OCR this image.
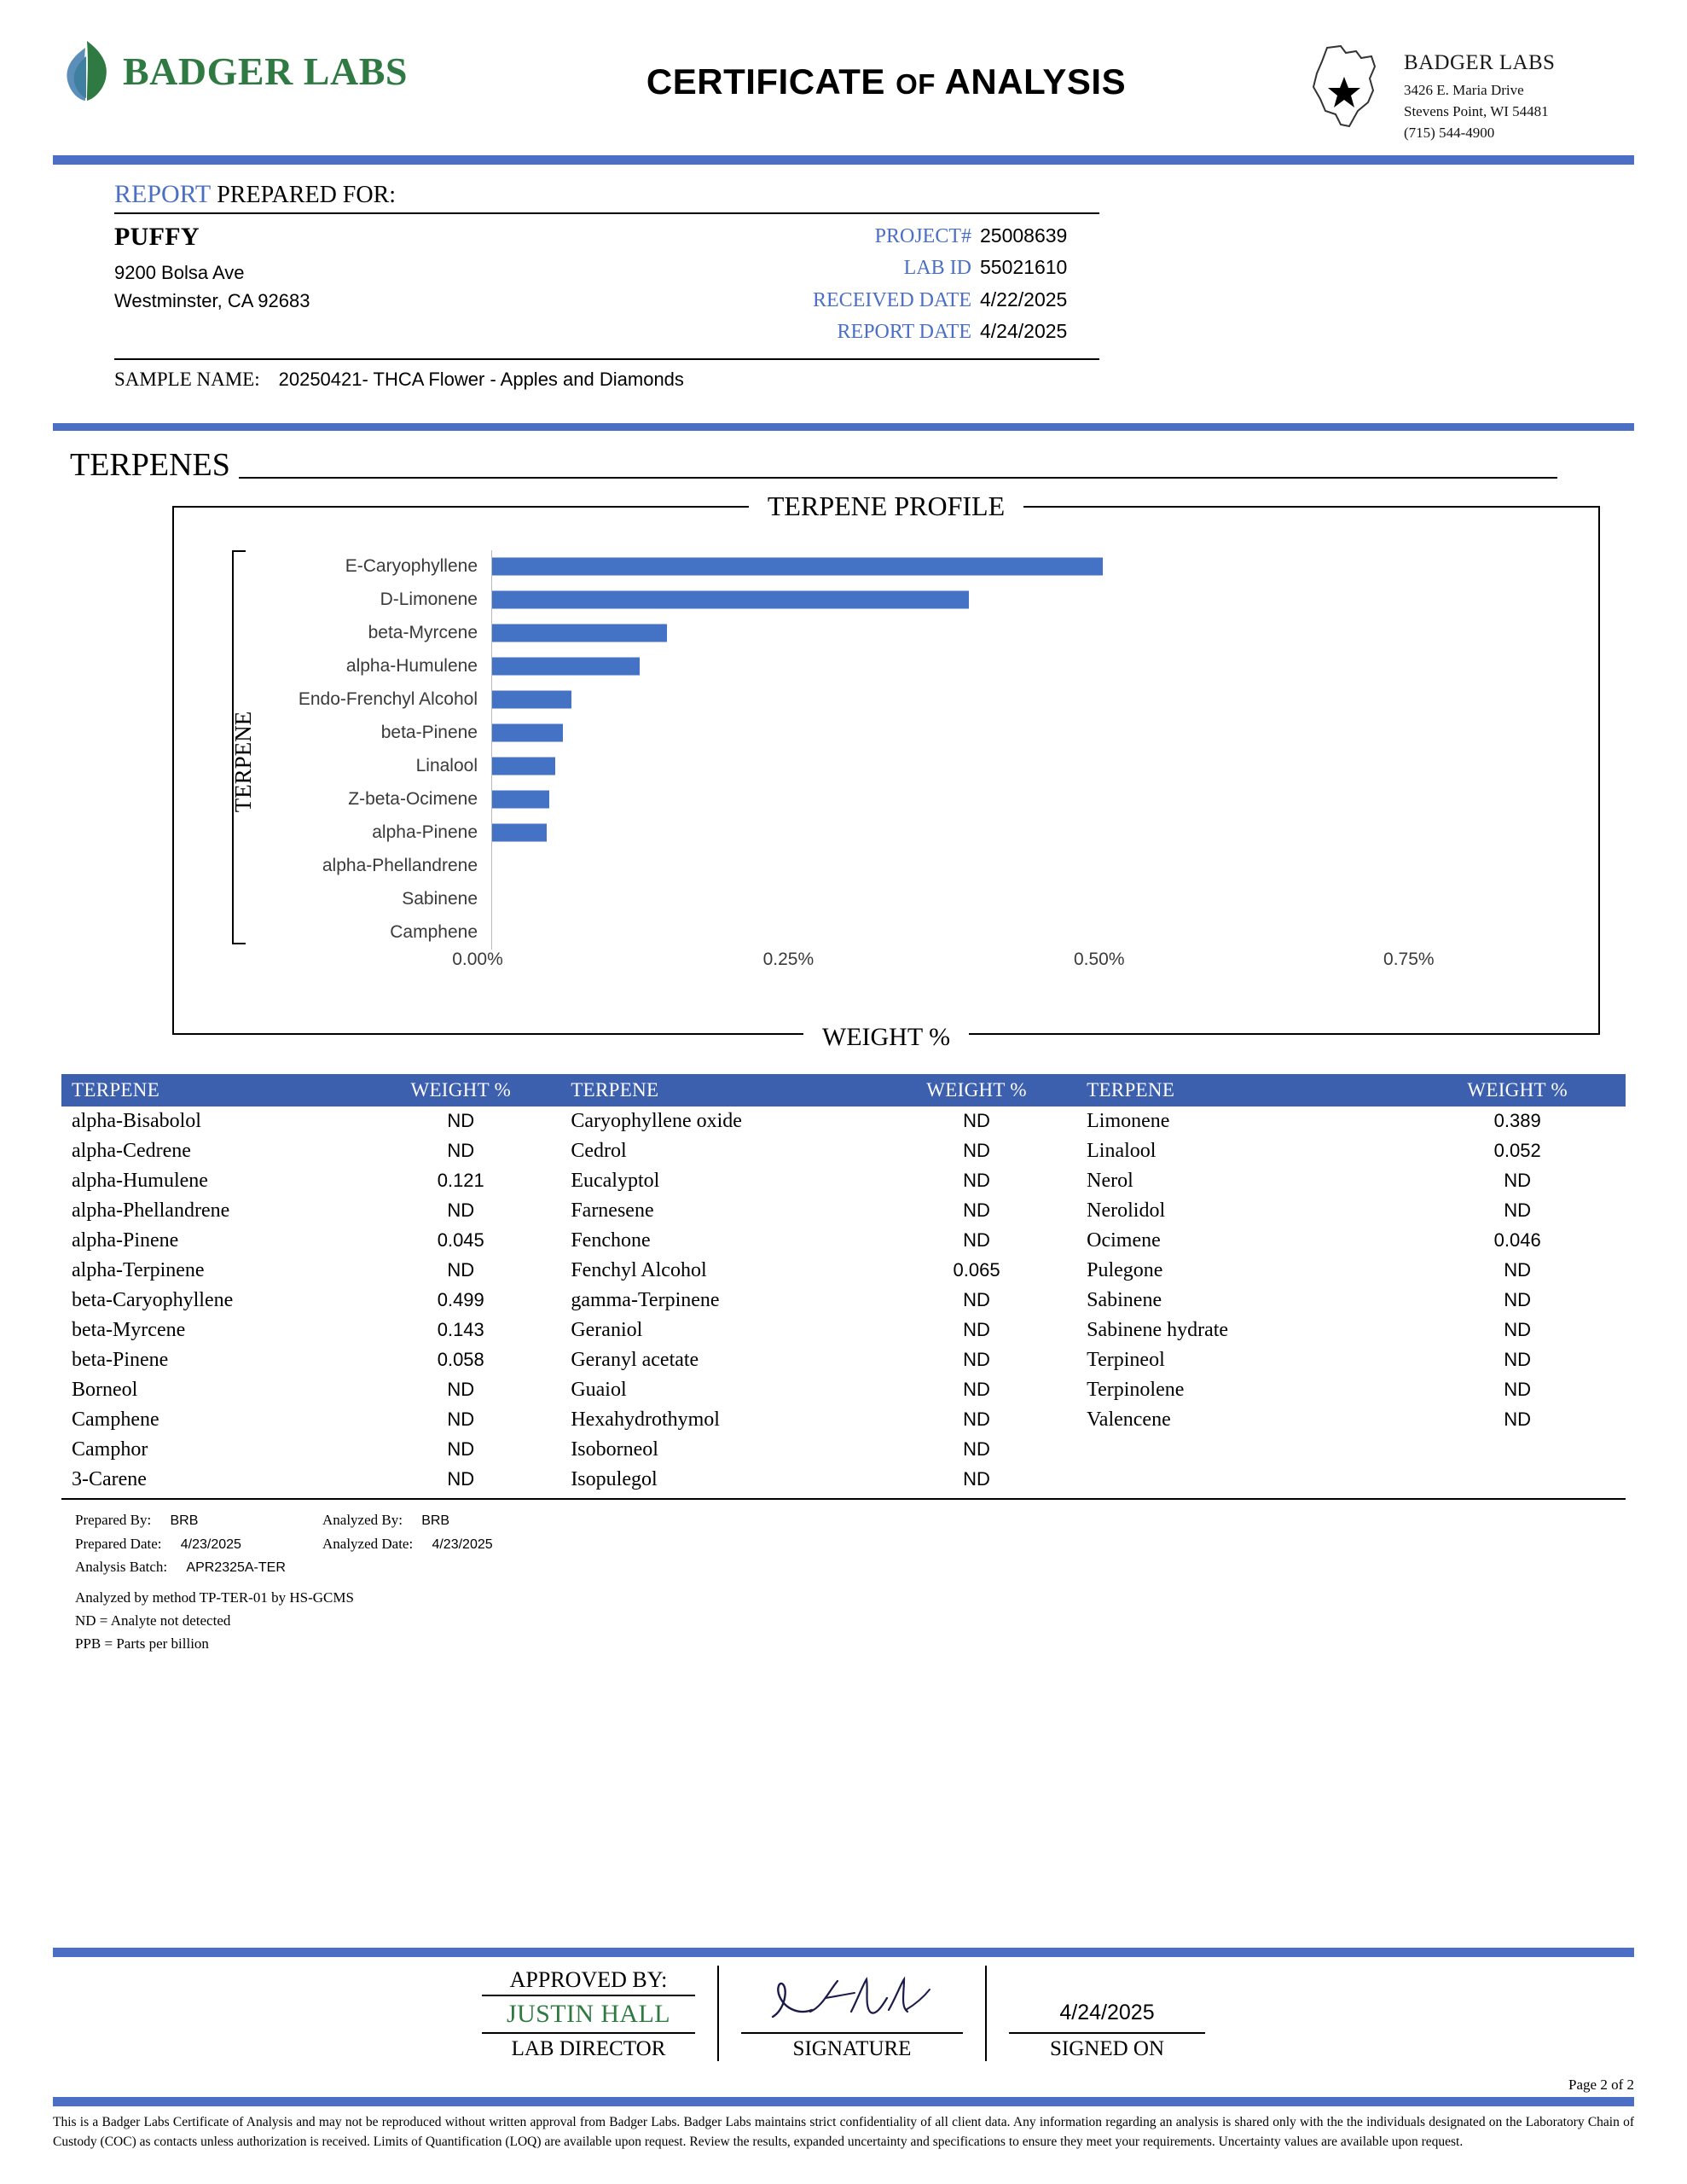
BADGER LABS	CERTIFICATE OF ANALYSIS	BADGER LABS
3426 E. Maria Drive
Stevens Point, WI 54481
(715) 544-4900
REPORT PREPARED FOR:
PUFFY
9200 Bolsa Ave
Westminster, CA 92683
PROJECT# 25008639
LAB ID 55021610
RECEIVED DATE 4/22/2025
REPORT DATE 4/24/2025
SAMPLE NAME: 20250421- THCA Flower - Apples and Diamonds
TERPENES
TERPENE PROFILE
TERPENE
E-Caryophyllene
D-Limonene
beta-Myrcene
alpha-Humulene
Endo-Frenchyl Alcohol
beta-Pinene
Linalool
Z-beta-Ocimene
alpha-Pinene
alpha-Phellandrene
Sabinene
Camphene
0.00%	0.25%	0.50%	0.75%
WEIGHT %
TERPENE	WEIGHT %	TERPENE	WEIGHT %	TERPENE	WEIGHT %
alpha-Bisabolol	ND	Caryophyllene oxide	ND	Limonene	0.389
alpha-Cedrene	ND	Cedrol	ND	Linalool	0.052
alpha-Humulene	0.121	Eucalyptol	ND	Nerol	ND
alpha-Phellandrene	ND	Farnesene	ND	Nerolidol	ND
alpha-Pinene	0.045	Fenchone	ND	Ocimene	0.046
alpha-Terpinene	ND	Fenchyl Alcohol	0.065	Pulegone	ND
beta-Caryophyllene	0.499	gamma-Terpinene	ND	Sabinene	ND
beta-Myrcene	0.143	Geraniol	ND	Sabinene hydrate	ND
beta-Pinene	0.058	Geranyl acetate	ND	Terpineol	ND
Borneol	ND	Guaiol	ND	Terpinolene	ND
Camphene	ND	Hexahydrothymol	ND	Valencene	ND
Camphor	ND	Isoborneol	ND		
3-Carene	ND	Isopulegol	ND		
Prepared By: BRB	Analyzed By: BRB
Prepared Date: 4/23/2025	Analyzed Date: 4/23/2025
Analysis Batch: APR2325A-TER
Analyzed by method TP-TER-01 by HS-GCMS
ND = Analyte not detected
PPB = Parts per billion
APPROVED BY:
JUSTIN HALL
LAB DIRECTOR	SIGNATURE
4/24/2025
SIGNED ON
Page 2 of 2
This is a Badger Labs Certificate of Analysis and may not be reproduced without written approval from Badger Labs. Badger Labs maintains strict confidentiality of all client data. Any information regarding an analysis is shared only with the the individuals designated on the Laboratory Chain of Custody (COC) as contacts unless authorization is received. Limits of Quantification (LOQ) are available upon request. Review the results, expanded uncertainty and specifications to ensure they meet your requirements. Uncertainty values are available upon request.
